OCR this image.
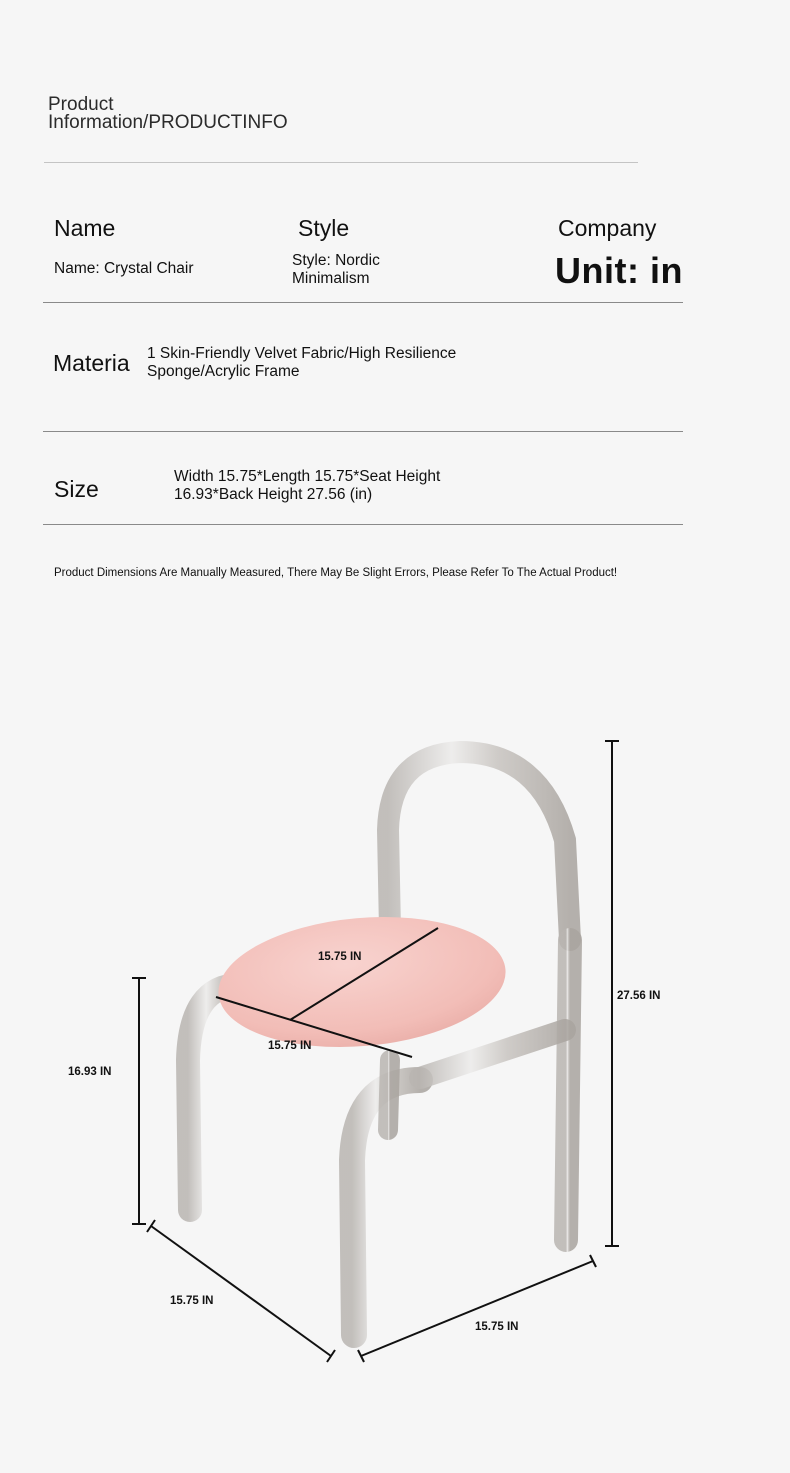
Product
Information/PRODUCTINFO
Name
Name: Crystal Chair
Style
Style: Nordic
Minimalism
Company
Unit: in
Materia 1 Skin-Friendly Velvet Fabric/High Resilience
Sponge/Acrylic Frame
Size	Width 15.75*Length 15.75*Seat Height
16.93*Back Height 27.56 (in)
Product Dimensions Are Manually Measured, There May Be Slight Errors, Please Refer To The Actual Product!
15.75 IN
15.75 IN
16.93 IN
27.56 IN
15.75 IN
15.75 IN
